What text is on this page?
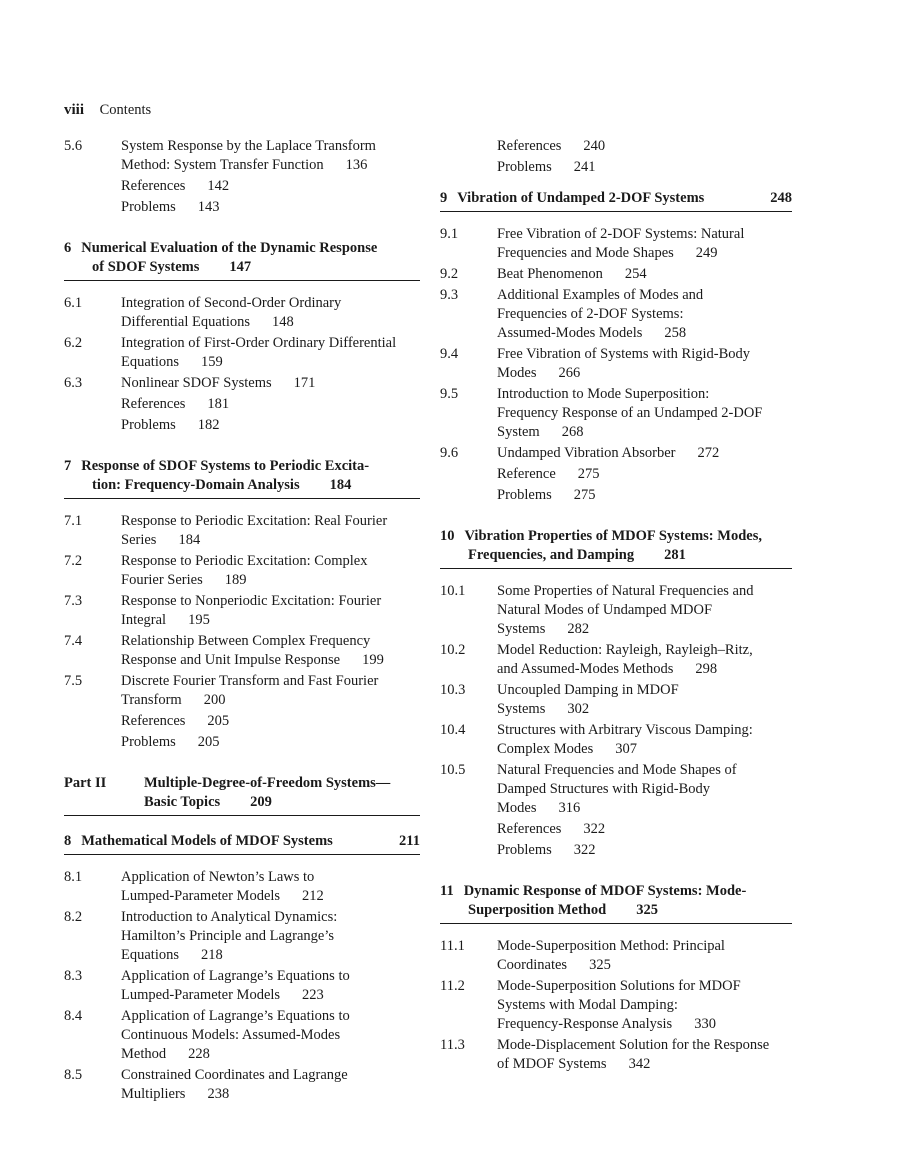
viii Contents
5.6	System Response by the Laplace Transform
Method: System Transfer Function 136
References 142
Problems 143
6 Numerical Evaluation of the Dynamic Response
of SDOF Systems 147
6.1	Integration of Second-Order Ordinary
Differential Equations 148
6.2	Integration of First-Order Ordinary Differential
Equations 159
6.3	Nonlinear SDOF Systems 171
References 181
Problems 182
7 Response of SDOF Systems to Periodic Excita-
tion: Frequency-Domain Analysis 184
7.1	Response to Periodic Excitation: Real Fourier
Series 184
7.2	Response to Periodic Excitation: Complex
Fourier Series 189
7.3	Response to Nonperiodic Excitation: Fourier
Integral 195
7.4	Relationship Between Complex Frequency
Response and Unit Impulse Response 199
7.5	Discrete Fourier Transform and Fast Fourier
Transform 200
References 205
Problems 205
Part II	Multiple-Degree-of-Freedom Systems—
Basic Topics 209
8 Mathematical Models of MDOF Systems	211
8.1	Application of Newton’s Laws to
Lumped-Parameter Models 212
8.2	Introduction to Analytical Dynamics:
Hamilton’s Principle and Lagrange’s
Equations 218
8.3	Application of Lagrange’s Equations to
Lumped-Parameter Models 223
8.4	Application of Lagrange’s Equations to
Continuous Models: Assumed-Modes
Method 228
8.5	Constrained Coordinates and Lagrange
Multipliers 238
References 240
Problems 241
9 Vibration of Undamped 2-DOF Systems	248
9.1	Free Vibration of 2-DOF Systems: Natural
Frequencies and Mode Shapes 249
9.2	Beat Phenomenon 254
9.3	Additional Examples of Modes and
Frequencies of 2-DOF Systems:
Assumed-Modes Models 258
9.4	Free Vibration of Systems with Rigid-Body
Modes 266
9.5	Introduction to Mode Superposition:
Frequency Response of an Undamped 2-DOF
System 268
9.6	Undamped Vibration Absorber 272
Reference 275
Problems 275
10 Vibration Properties of MDOF Systems: Modes,
Frequencies, and Damping 281
10.1	Some Properties of Natural Frequencies and
Natural Modes of Undamped MDOF
Systems 282
10.2	Model Reduction: Rayleigh, Rayleigh–Ritz,
and Assumed-Modes Methods 298
10.3	Uncoupled Damping in MDOF
Systems 302
10.4	Structures with Arbitrary Viscous Damping:
Complex Modes 307
10.5	Natural Frequencies and Mode Shapes of
Damped Structures with Rigid-Body
Modes 316
References 322
Problems 322
11 Dynamic Response of MDOF Systems: Mode-
Superposition Method 325
11.1	Mode-Superposition Method: Principal
Coordinates 325
11.2	Mode-Superposition Solutions for MDOF
Systems with Modal Damping:
Frequency-Response Analysis 330
11.3	Mode-Displacement Solution for the Response
of MDOF Systems 342
